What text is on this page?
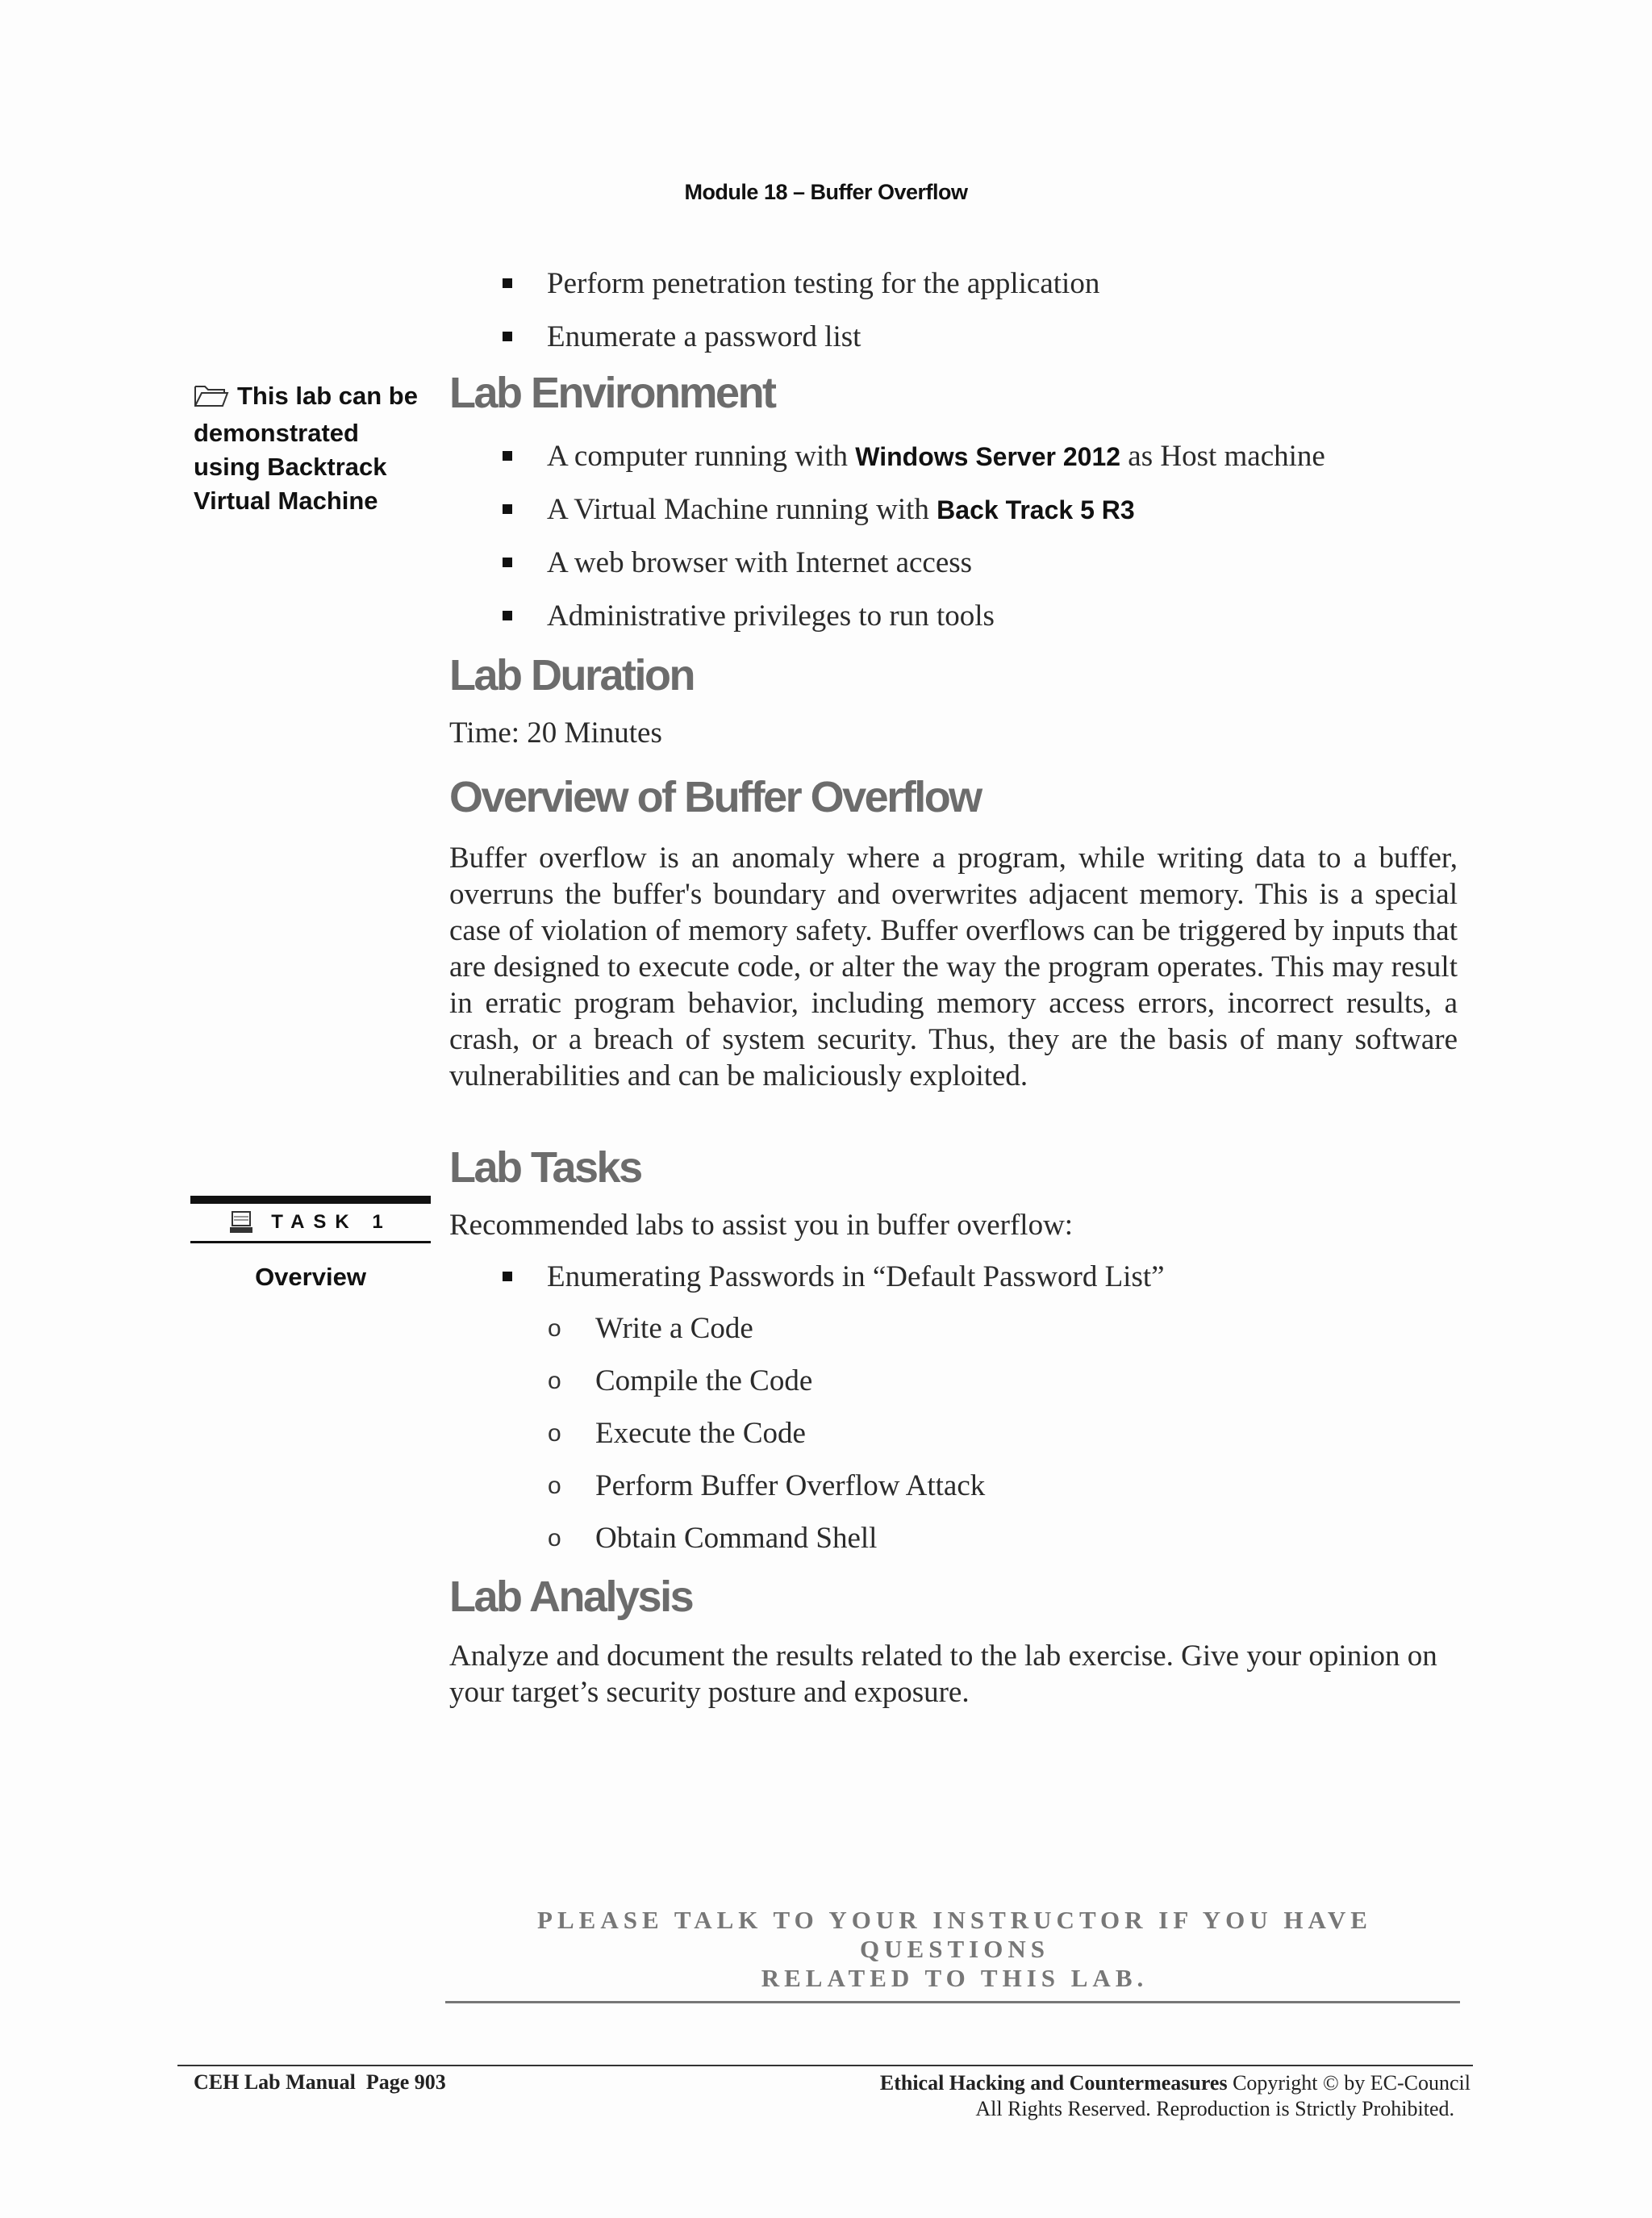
Module 18 – Buffer Overflow
This lab can be demonstrated using Backtrack Virtual Machine
TASK 1
Overview
Perform penetration testing for the application
Enumerate a password list
Lab Environment
A computer running with Windows Server 2012 as Host machine
A Virtual Machine running with Back Track 5 R3
A web browser with Internet access
Administrative privileges to run tools
Lab Duration

Time: 20 Minutes

Overview of Buffer Overflow

Buffer overflow is an anomaly where a program, while writing data to a buffer, overruns the buffer's boundary and overwrites adjacent memory. This is a special case of violation of memory safety. Buffer overflows can be triggered by inputs that are designed to execute code, or alter the way the program operates. This may result in erratic program behavior, including memory access errors, incorrect results, a crash, or a breach of system security. Thus, they are the basis of many software vulnerabilities and can be maliciously exploited.

Lab Tasks

Recommended labs to assist you in buffer overflow:

Enumerating Passwords in “Default Password List”
o Write a Code
o Compile the Code
o Execute the Code
o Perform Buffer Overflow Attack
o Obtain Command Shell
Lab Analysis

Analyze and document the results related to the lab exercise. Give your opinion on your target’s security posture and exposure.

PLEASE TALK TO YOUR INSTRUCTOR IF YOU HAVE QUESTIONS
RELATED TO THIS LAB.
CEH Lab Manual  Page 903	Ethical Hacking and Countermeasures Copyright © by EC-Council
All Rights Reserved. Reproduction is Strictly Prohibited.
